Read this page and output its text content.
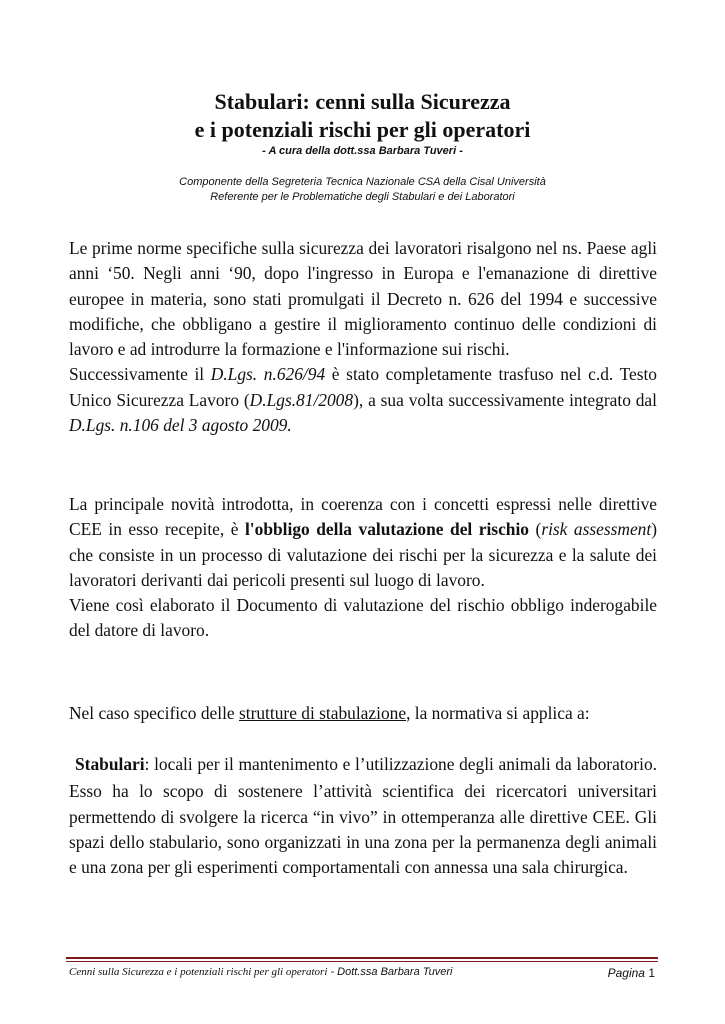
Stabulari: cenni sulla Sicurezza
e i potenziali rischi per gli operatori
- A cura della dott.ssa Barbara Tuveri -
Componente della Segreteria Tecnica Nazionale CSA della Cisal Università
Referente per le Problematiche degli Stabulari e dei Laboratori

Le prime norme specifiche sulla sicurezza dei lavoratori risalgono nel ns. Paese agli anni ‘50. Negli anni ‘90, dopo l'ingresso in Europa e l'emanazione di direttive europee in materia, sono stati promulgati il Decreto n. 626 del 1994 e successive modifiche, che obbligano a gestire il miglioramento continuo delle condizioni di lavoro e ad introdurre la formazione e l'informazione sui rischi.

Successivamente il D.Lgs. n.626/94 è stato completamente trasfuso nel c.d. Testo Unico Sicurezza Lavoro (D.Lgs.81/2008), a sua volta successivamente integrato dal D.Lgs. n.106 del 3 agosto 2009.

La principale novità introdotta, in coerenza con i concetti espressi nelle direttive CEE in esso recepite, è l'obbligo della valutazione del rischio (risk assessment) che consiste in un processo di valutazione dei rischi per la sicurezza e la salute dei lavoratori derivanti dai pericoli presenti sul luogo di lavoro.

Viene così elaborato il Documento di valutazione del rischio obbligo inderogabile del datore di lavoro.

Nel caso specifico delle strutture di stabulazione, la normativa si applica a:

Stabulari: locali per il mantenimento e l’utilizzazione degli animali da laboratorio. Esso ha lo scopo di sostenere l’attività scientifica dei ricercatori universitari permettendo di svolgere la ricerca “in vivo” in ottemperanza alle direttive CEE. Gli spazi dello stabulario, sono organizzati in una zona per la permanenza degli animali e una zona per gli esperimenti comportamentali con annessa una sala chirurgica.

Cenni sulla Sicurezza e i potenziali rischi per gli operatori - Dott.ssa Barbara Tuveri	Pagina 1
